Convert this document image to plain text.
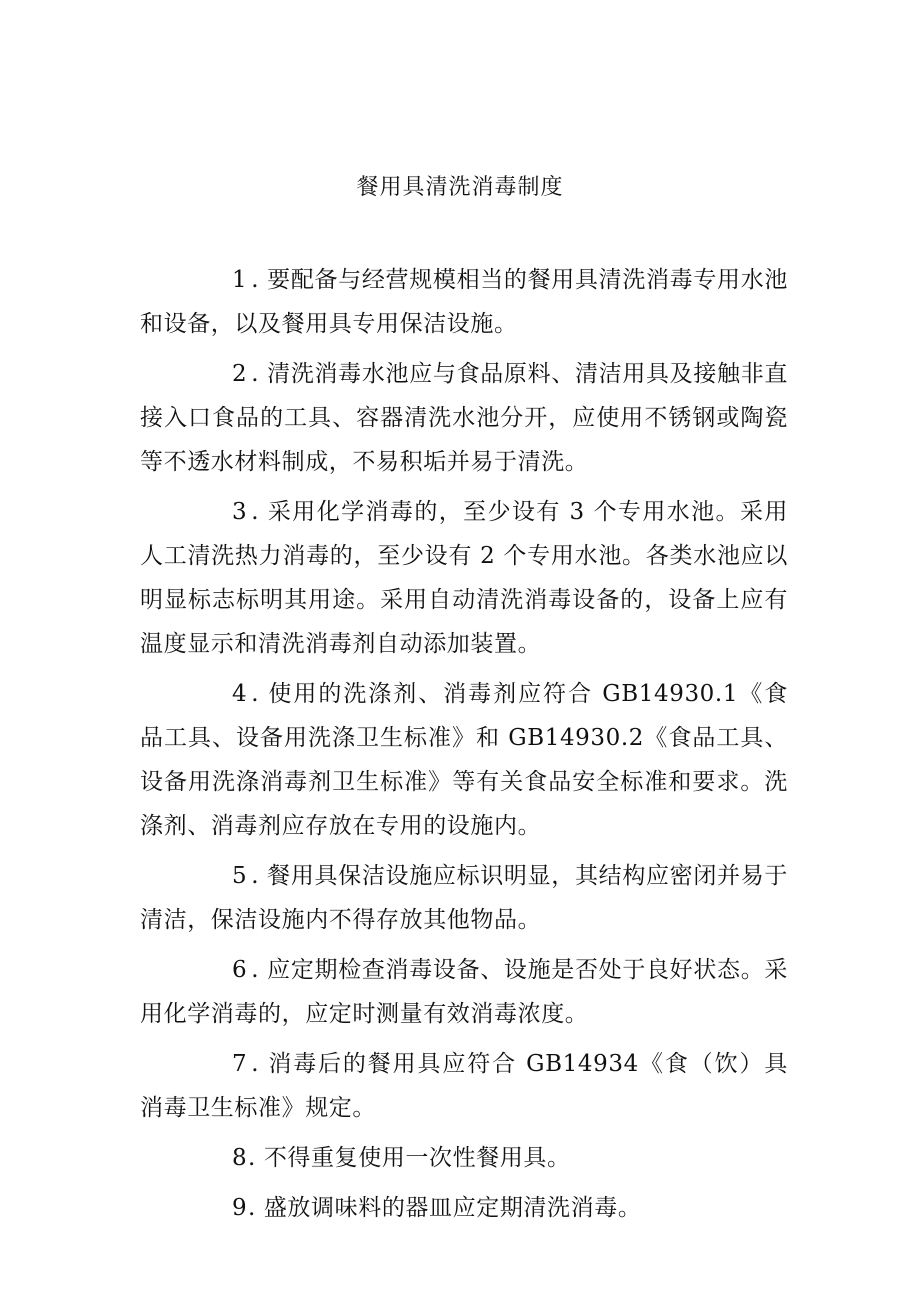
餐用具清洗消毒制度

1 . 要配备与经营规模相当的餐用具清洗消毒专用水池和设备，以及餐用具专用保洁设施。

2 . 清洗消毒水池应与食品原料、清洁用具及接触非直接入口食品的工具、容器清洗水池分开，应使用不锈钢或陶瓷等不透水材料制成，不易积垢并易于清洗。

3 . 采用化学消毒的，至少设有 3 个专用水池。采用人工清洗热力消毒的，至少设有 2 个专用水池。各类水池应以明显标志标明其用途。采用自动清洗消毒设备的，设备上应有温度显示和清洗消毒剂自动添加装置。

4 . 使用的洗涤剂、消毒剂应符合 GB14930.1《食品工具、设备用洗涤卫生标准》和 GB14930.2《食品工具、设备用洗涤消毒剂卫生标准》等有关食品安全标准和要求。洗涤剂、消毒剂应存放在专用的设施内。

5 . 餐用具保洁设施应标识明显，其结构应密闭并易于清洁，保洁设施内不得存放其他物品。

6 . 应定期检查消毒设备、设施是否处于良好状态。采用化学消毒的，应定时测量有效消毒浓度。

7 . 消毒后的餐用具应符合 GB14934《食（饮）具消毒卫生标准》规定。

8. 不得重复使用一次性餐用具。

9. 盛放调味料的器皿应定期清洗消毒。
